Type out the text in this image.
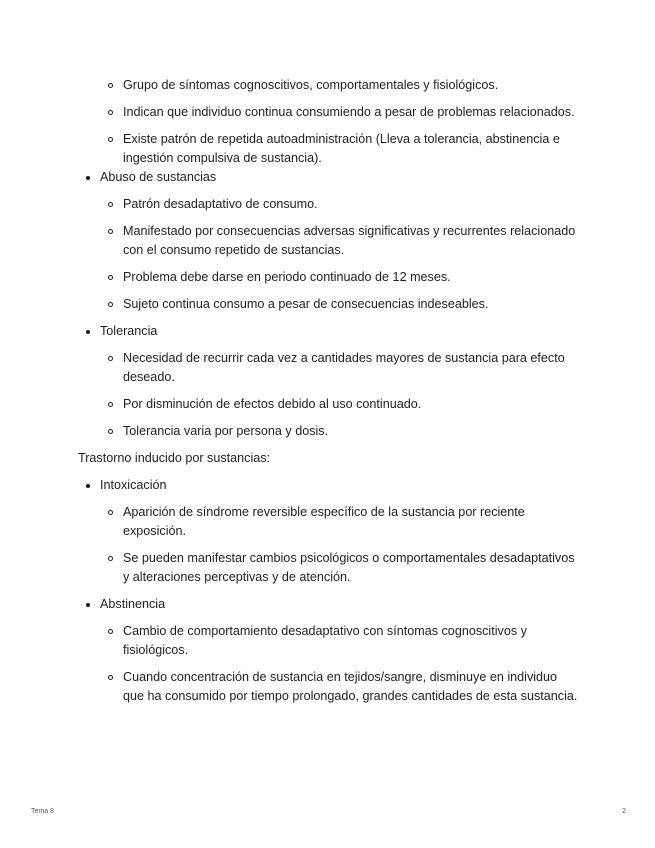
Grupo de síntomas cognoscitivos, comportamentales y fisiológicos.
Indican que individuo continua consumiendo a pesar de problemas relacionados.
Existe patrón de repetida autoadministración (Lleva a tolerancia, abstinencia e ingestión compulsiva de sustancia).
Abuso de sustancias
Patrón desadaptativo de consumo.
Manifestado por consecuencias adversas significativas y recurrentes relacionado con el consumo repetido de sustancias.
Problema debe darse en periodo continuado de 12 meses.
Sujeto continua consumo a pesar de consecuencias indeseables.
Tolerancia
Necesidad de recurrir cada vez a cantidades mayores de sustancia para efecto deseado.
Por disminución de efectos debido al uso continuado.
Tolerancia varia por persona y dosis.

Trastorno inducido por sustancias:

Intoxicación
Aparición de síndrome reversible específico de la sustancia por reciente exposición.
Se pueden manifestar cambios psicológicos o comportamentales desadaptativos y alteraciones perceptivas y de atención.
Abstinencia
Cambio de comportamiento desadaptativo con síntomas cognoscitivos y fisiológicos.
Cuando concentración de sustancia en tejidos/sangre, disminuye en individuo que ha consumido por tiempo prolongado, grandes cantidades de esta sustancia.
Tema 8	2
